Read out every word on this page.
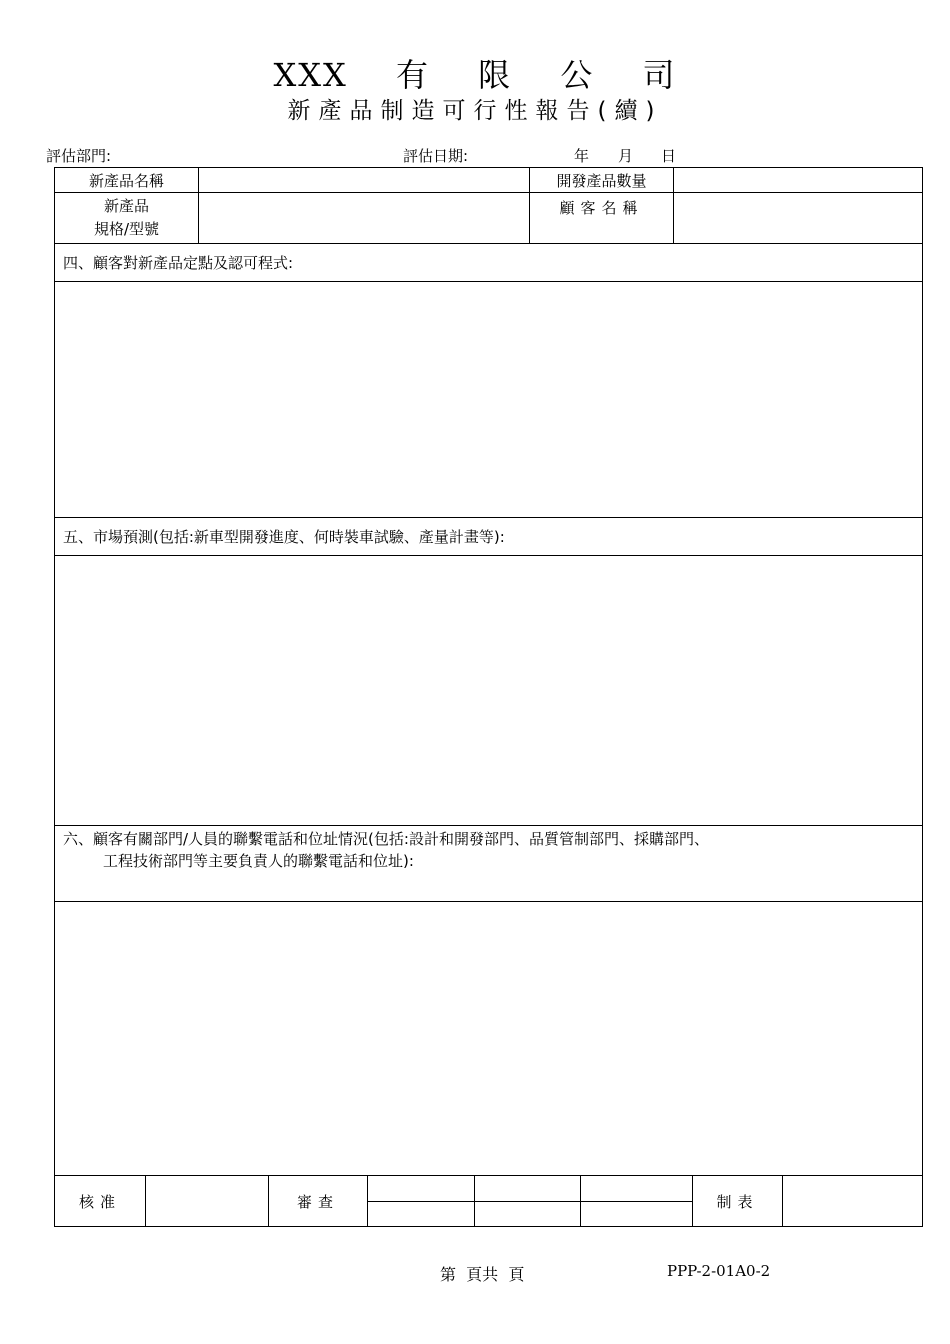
XXX 有 限 公 司
新產品制造可行性報告(續)
評估部門:	評估日期:	年 月 日
新產品名稱		開發產品數量	

新產品
規格/型號		顧客名稱	
四、顧客對新產品定點及認可程式:

五、市場預測(包括:新車型開發進度、何時裝車試驗、產量計畫等):

六、顧客有關部門/人員的聯繫電話和位址情況(包括:設計和開發部門、品質管制部門、採購部門、
工程技術部門等主要負責人的聯繫電話和位址):

核准		審查				制表	
第  頁共  頁	PPP-2-01A0-2
